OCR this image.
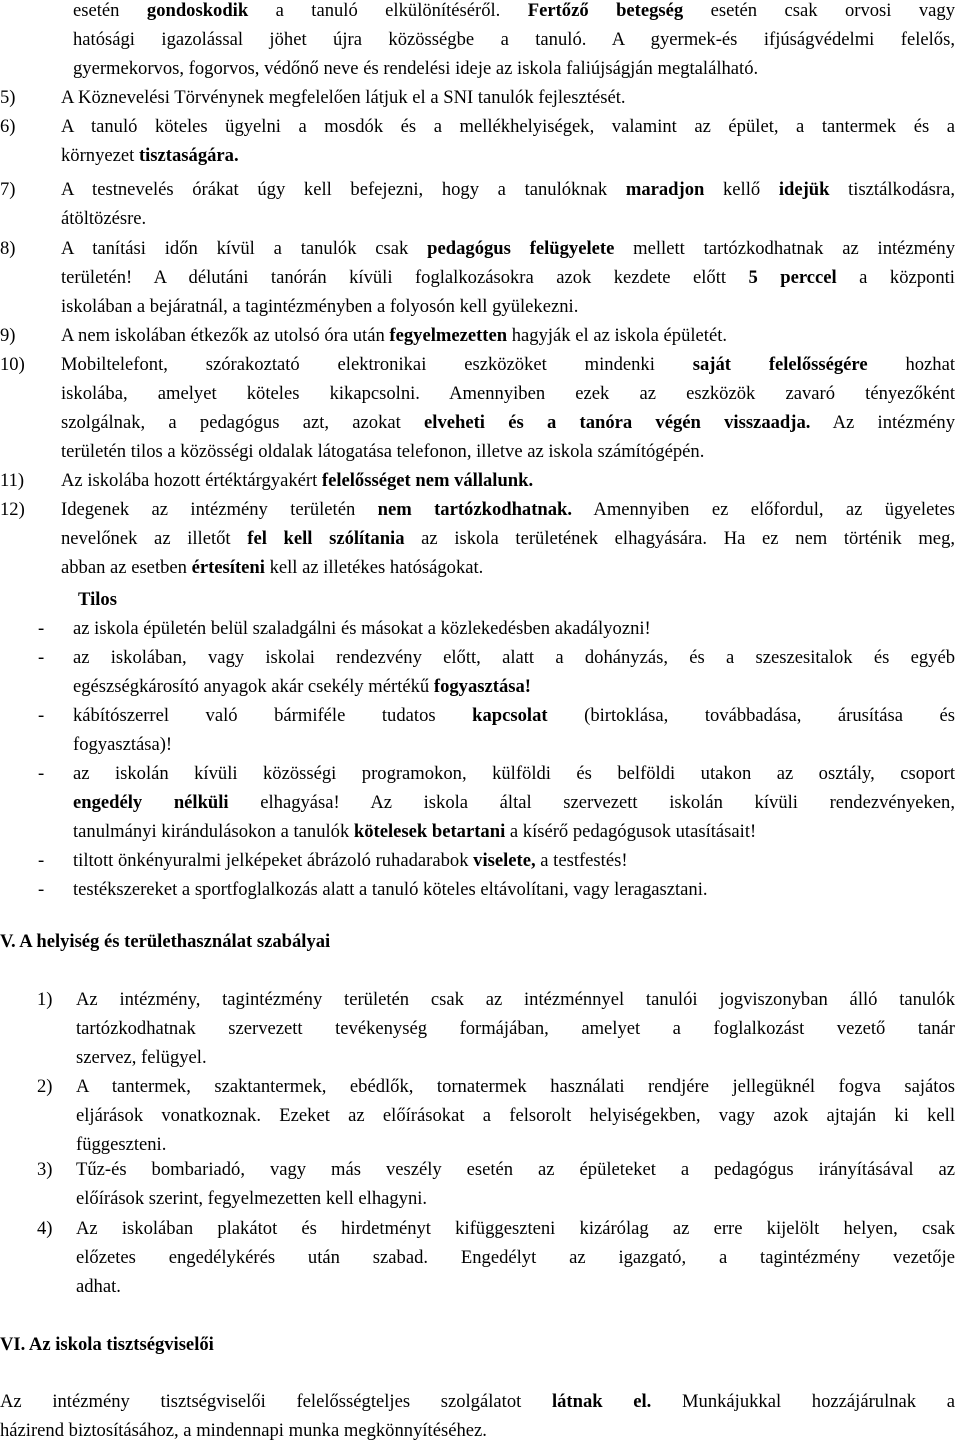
esetén gondoskodik a tanuló elkülönítéséről. Fertőző betegség esetén csak orvosi vagy
hatósági igazolással jöhet újra közösségbe a tanuló. A gyermek-és ifjúságvédelmi felelős,
gyermekorvos, fogorvos, védőnő neve és rendelési ideje az iskola faliújságján megtalálható.

5) A Köznevelési Törvénynek megfelelően látjuk el a SNI tanulók fejlesztését.
6) A tanuló köteles ügyelni a mosdók és a mellékhelyiségek, valamint az épület, a tantermek és a
környezet tisztaságára.
7) A testnevelés órákat úgy kell befejezni, hogy a tanulóknak maradjon kellő idejük tisztálkodásra,
átöltözésre.
8) A tanítási időn kívül a tanulók csak pedagógus felügyelete mellett tartózkodhatnak az intézmény
területén! A délutáni tanórán kívüli foglalkozásokra azok kezdete előtt 5 perccel a központi
iskolában a bejáratnál, a tagintézményben a folyosón kell gyülekezni.
9) A nem iskolában étkezők az utolsó óra után fegyelmezetten hagyják el az iskola épületét.
10) Mobiltelefont, szórakoztató elektronikai eszközöket mindenki saját felelősségére hozhat
iskolába, amelyet köteles kikapcsolni. Amennyiben ezek az eszközök zavaró tényezőként
szolgálnak, a pedagógus azt, azokat elveheti és a tanóra végén visszaadja. Az intézmény
területén tilos a közösségi oldalak látogatása telefonon, illetve az iskola számítógépén.
11) Az iskolába hozott értéktárgyakért felelősséget nem vállalunk.
12) Idegenek az intézmény területén nem tartózkodhatnak. Amennyiben ez előfordul, az ügyeletes
nevelőnek az illetőt fel kell szólítania az iskola területének elhagyására. Ha ez nem történik meg,
abban az esetben értesíteni kell az illetékes hatóságokat.
Tilos
- az iskola épületén belül szaladgálni és másokat a közlekedésben akadályozni!
- az iskolában, vagy iskolai rendezvény előtt, alatt a dohányzás, és a szeszesitalok és egyéb
egészségkárosító anyagok akár csekély mértékű fogyasztása!
- kábítószerrel való bármiféle tudatos kapcsolat (birtoklása, továbbadása, árusítása és
fogyasztása)!
- az iskolán kívüli közösségi programokon, külföldi és belföldi utakon az osztály, csoport
engedély nélküli elhagyása! Az iskola által szervezett iskolán kívüli rendezvényeken,
tanulmányi kirándulásokon a tanulók kötelesek betartani a kísérő pedagógusok utasításait!
- tiltott önkényuralmi jelképeket ábrázoló ruhadarabok viselete, a testfestés!
- testékszereket a sportfoglalkozás alatt a tanuló köteles eltávolítani, vagy leragasztani.
V. A helyiség és területhasználat szabályai
1) Az intézmény, tagintézmény területén csak az intézménnyel tanulói jogviszonyban álló tanulók
tartózkodhatnak szervezett tevékenység formájában, amelyet a foglalkozást vezető tanár
szervez, felügyel.
2) A tantermek, szaktantermek, ebédlők, tornatermek használati rendjére jellegüknél fogva sajátos
eljárások vonatkoznak. Ezeket az előírásokat a felsorolt helyiségekben, vagy azok ajtaján ki kell
függeszteni.
3) Tűz-és bombariadó, vagy más veszély esetén az épületeket a pedagógus irányításával az
előírások szerint, fegyelmezetten kell elhagyni.
4) Az iskolában plakátot és hirdetményt kifüggeszteni kizárólag az erre kijelölt helyen, csak
előzetes engedélykérés után szabad. Engedélyt az igazgató, a tagintézmény vezetője
adhat.
VI. Az iskola tisztségviselői

Az intézmény tisztségviselői felelősségteljes szolgálatot látnak el. Munkájukkal hozzájárulnak a
házirend biztosításához, a mindennapi munka megkönnyítéséhez.
